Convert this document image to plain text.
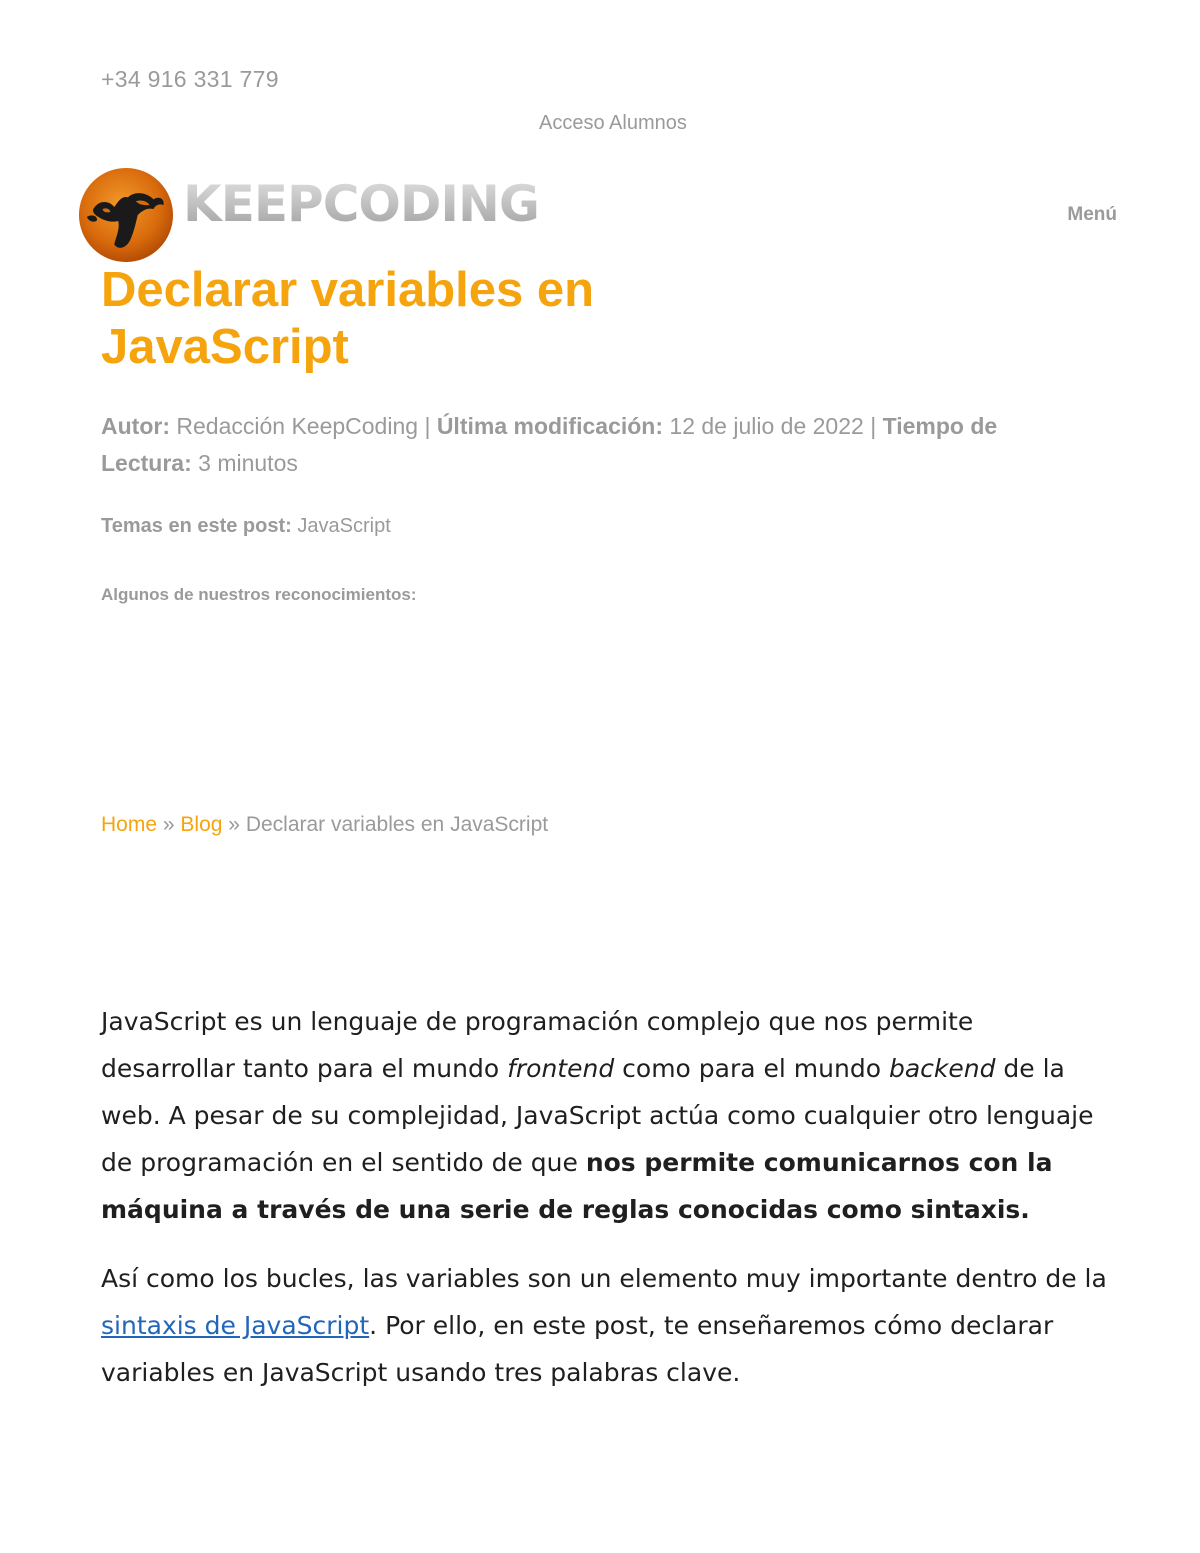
+34 916 331 779
Acceso Alumnos
KEEPCODING	Menú
Declarar variables en
JavaScript
Autor: Redacción KeepCoding | Última modificación: 12 de julio de 2022 | Tiempo de
Lectura: 3 minutos
Temas en este post: JavaScript
Algunos de nuestros reconocimientos:
Home » Blog » Declarar variables en JavaScript

JavaScript es un lenguaje de programación complejo que nos permite desarrollar tanto para el mundo frontend como para el mundo backend de la web. A pesar de su complejidad, JavaScript actúa como cualquier otro lenguaje de programación en el sentido de que nos permite comunicarnos con la máquina a través de una serie de reglas conocidas como sintaxis.

Así como los bucles, las variables son un elemento muy importante dentro de la sintaxis de JavaScript. Por ello, en este post, te enseñaremos cómo declarar variables en JavaScript usando tres palabras clave.
